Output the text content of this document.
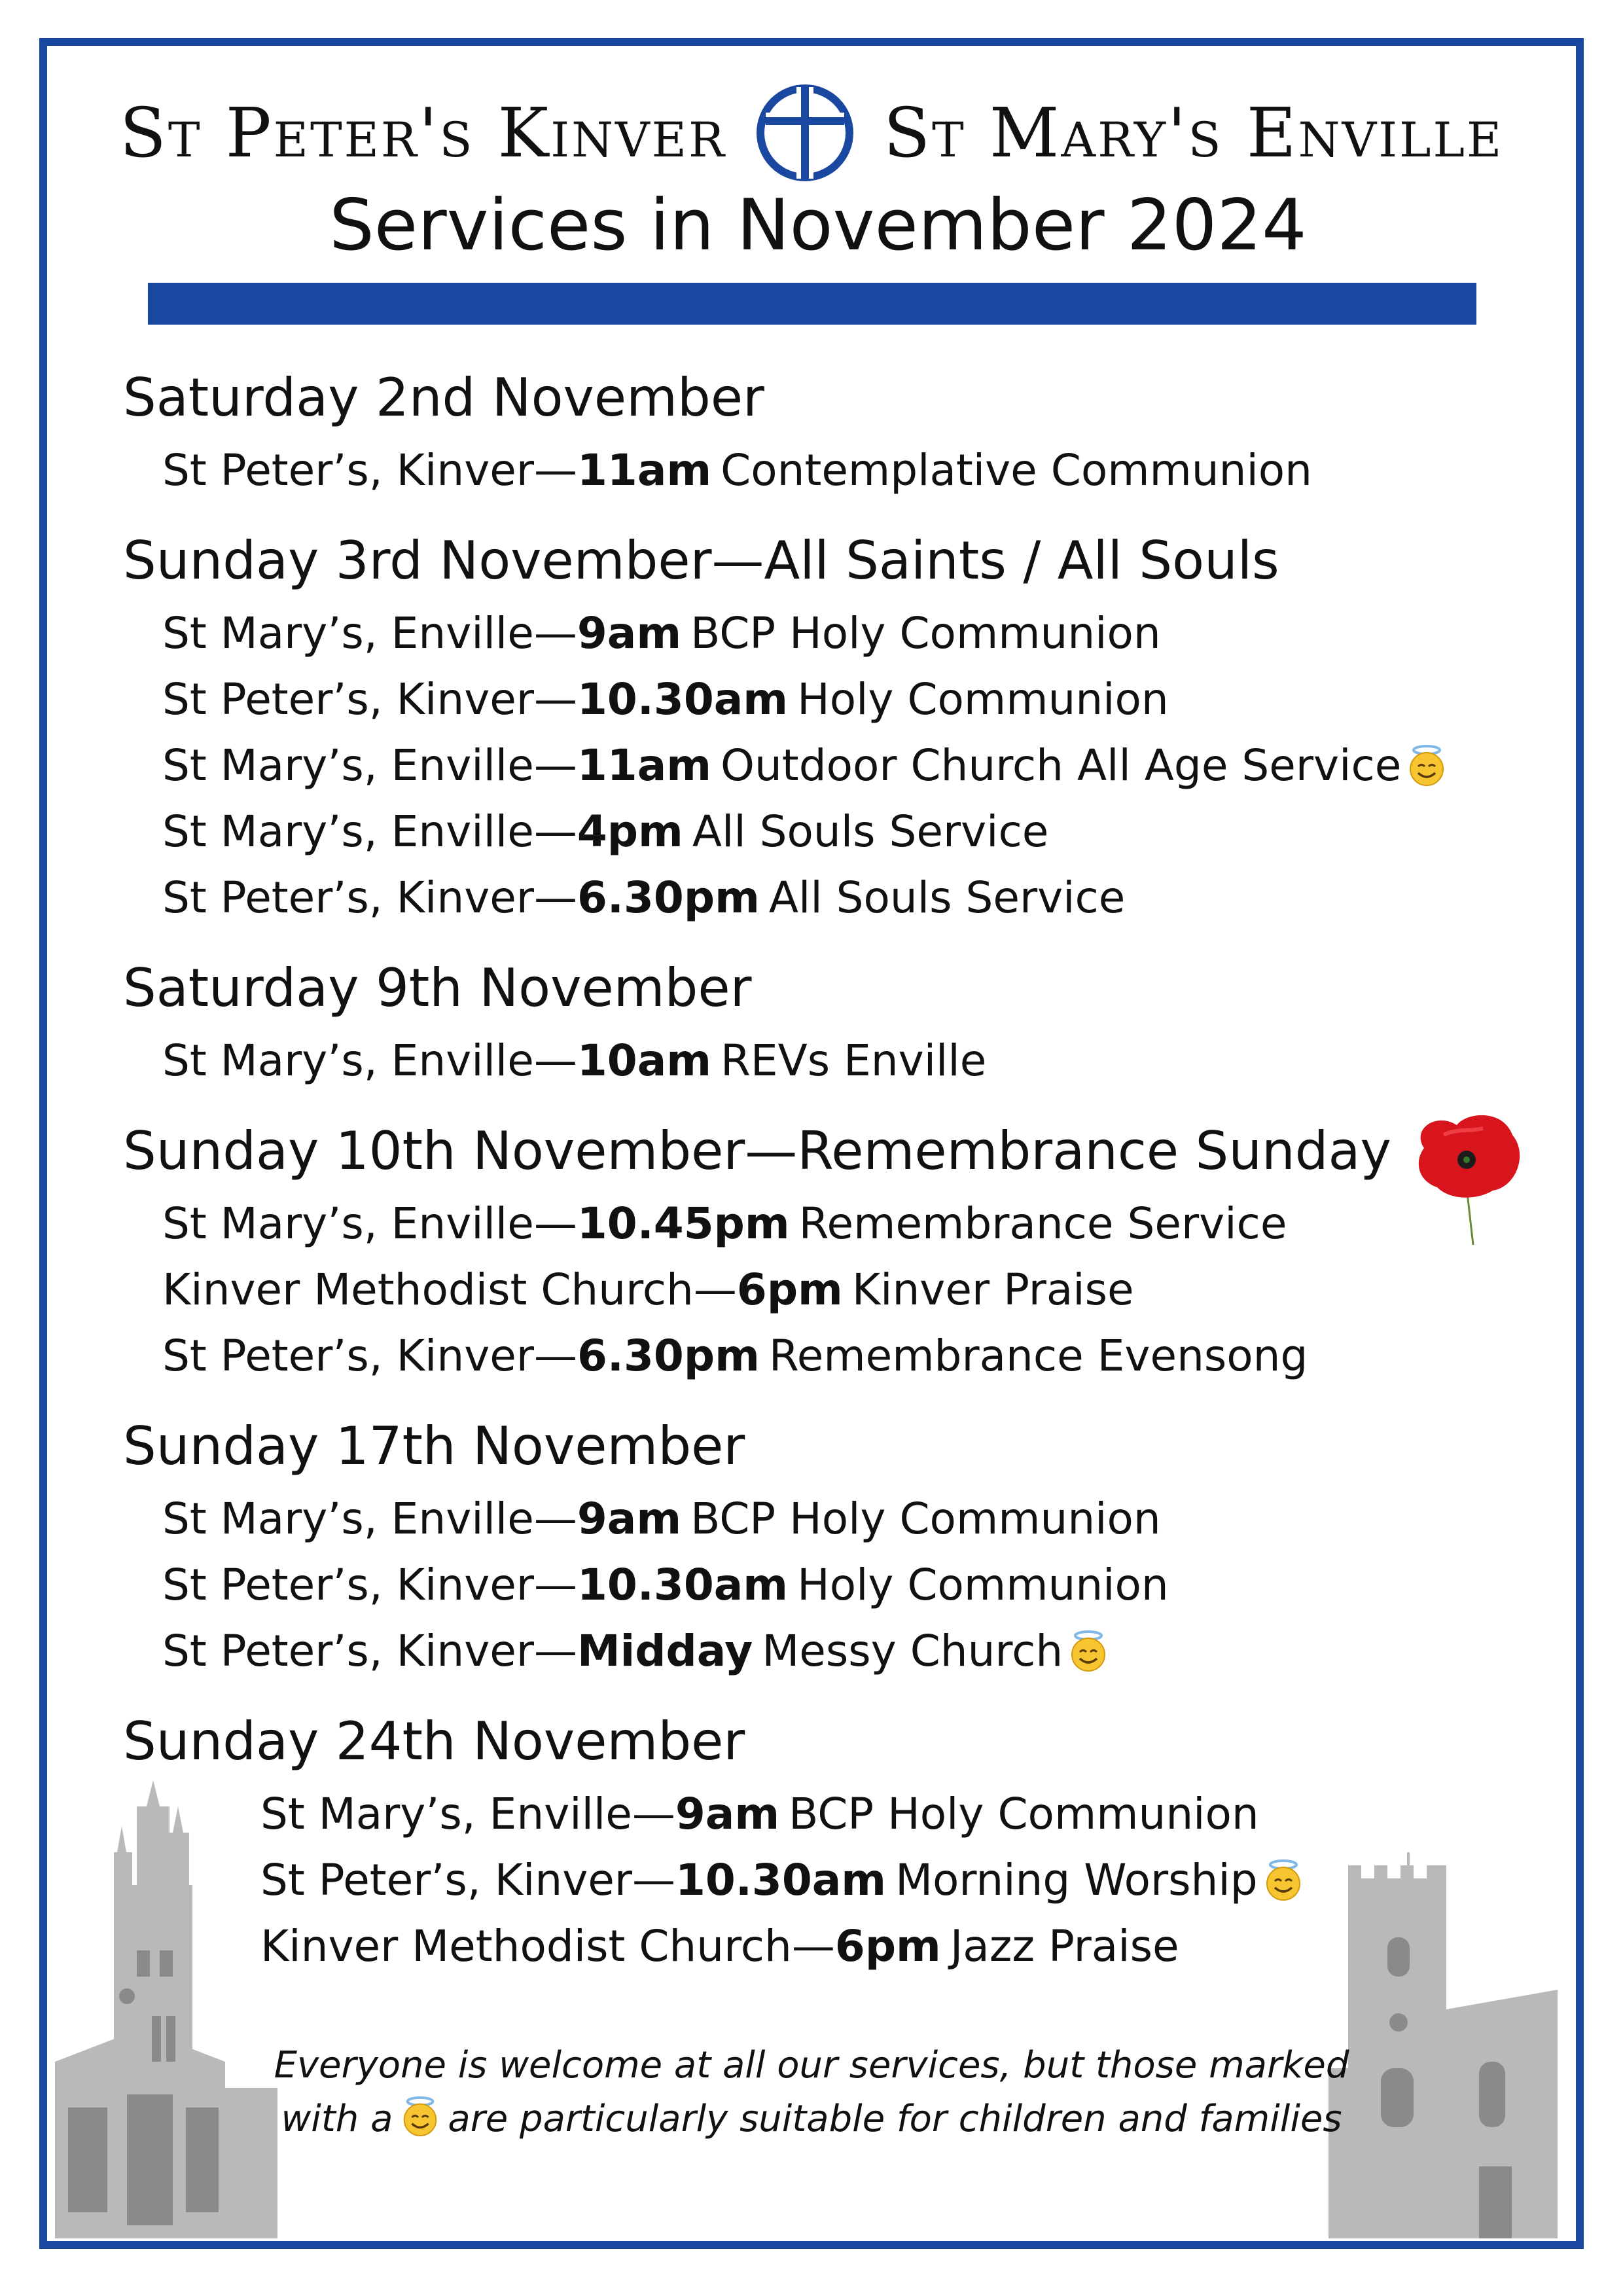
St Peter's Kinver St Mary's Enville
Services in November 2024
Saturday 2nd November
St Peter’s, Kinver— 11am Contemplative Communion
Sunday 3rd November—All Saints / All Souls
St Mary’s, Enville— 9am BCP Holy Communion
St Peter’s, Kinver— 10.30am Holy Communion
St Mary’s, Enville— 11am Outdoor Church All Age Service
St Mary’s, Enville— 4pm All Souls Service
St Peter’s, Kinver— 6.30pm All Souls Service
Saturday 9th November
St Mary’s, Enville— 10am REVs Enville
Sunday 10th November—Remembrance Sunday
St Mary’s, Enville— 10.45pm Remembrance Service
Kinver Methodist Church— 6pm Kinver Praise
St Peter’s, Kinver— 6.30pm Remembrance Evensong
Sunday 17th November
St Mary’s, Enville— 9am BCP Holy Communion
St Peter’s, Kinver— 10.30am Holy Communion
St Peter’s, Kinver— Midday Messy Church
Sunday 24th November
St Mary’s, Enville— 9am BCP Holy Communion
St Peter’s, Kinver— 10.30am Morning Worship
Kinver Methodist Church— 6pm Jazz Praise
Everyone is welcome at all our services, but those marked
with a are particularly suitable for children and families
